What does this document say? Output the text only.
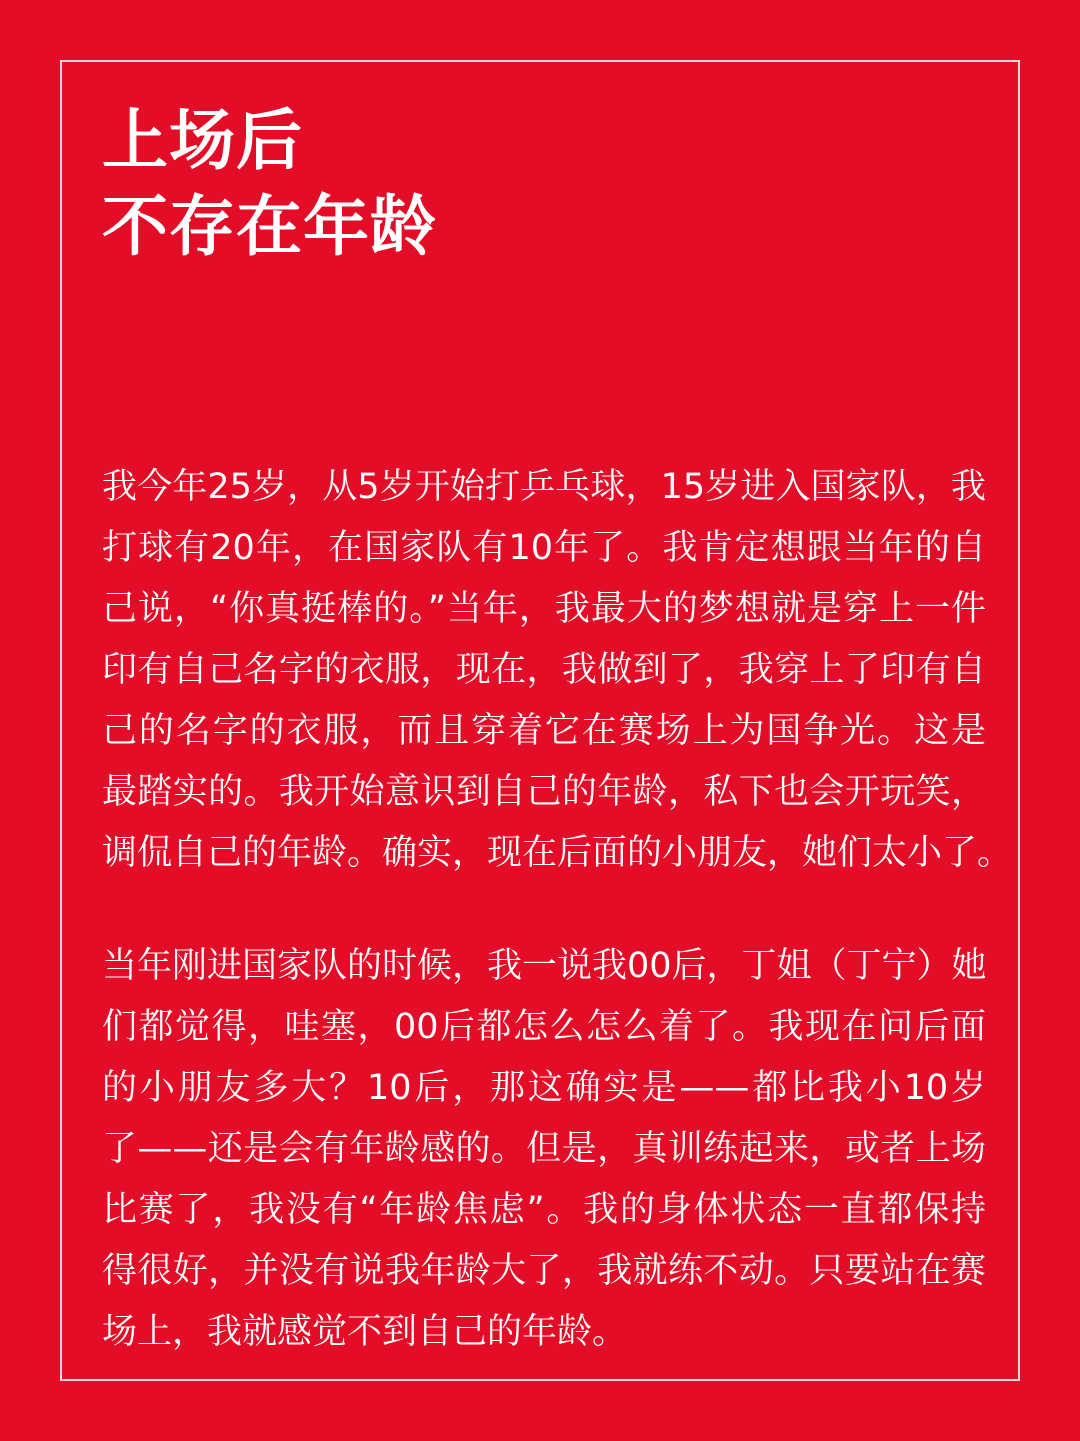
上场后
不存在年龄
我今年25岁，从5岁开始打乒乓球，15岁进入国家队，我
打球有20年，在国家队有10年了。我肯定想跟当年的自
己说，“你真挺棒的。”当年，我最大的梦想就是穿上一件
印有自己名字的衣服，现在，我做到了，我穿上了印有自
己的名字的衣服，而且穿着它在赛场上为国争光。这是
最踏实的。我开始意识到自己的年龄，私下也会开玩笑，
调侃自己的年龄。确实，现在后面的小朋友，她们太小了。
当年刚进国家队的时候，我一说我00后，丁姐（丁宁）她
们都觉得，哇塞，00后都怎么怎么着了。我现在问后面
的小朋友多大？10后，那这确实是——都比我小10岁
了——还是会有年龄感的。但是，真训练起来，或者上场
比赛了，我没有“年龄焦虑”。我的身体状态一直都保持
得很好，并没有说我年龄大了，我就练不动。只要站在赛
场上，我就感觉不到自己的年龄。
